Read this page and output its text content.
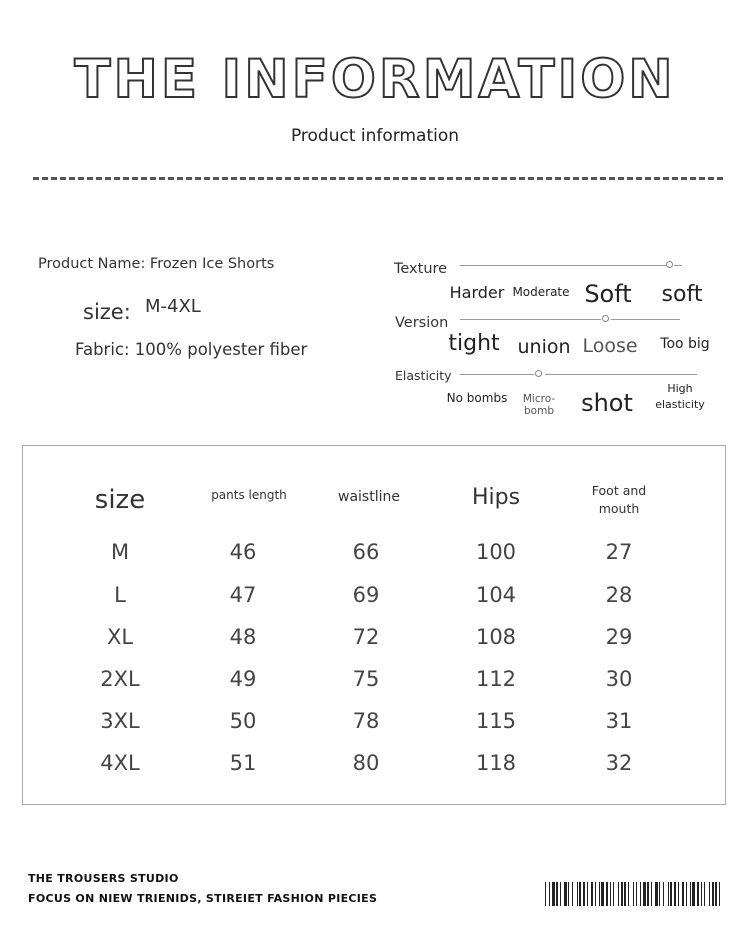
THE INFORMATION
Product information
Product Name: Frozen Ice Shorts
size: M-4XL
Fabric: 100% polyester fiber
Texture
Harder Moderate Soft	soft
Version
tight union Loose	Too big
Elasticity
No bombs	Micro-bomb	shot
High elasticity
size	pants length	waistline	Hips	Foot and mouth
M	46	66	100	27
L	47	69	104	28
XL	48	72	108	29
2XL	49	75	112	30
3XL	50	78	115	31
4XL	51	80	118	32
THE TROUSERS STUDIO
FOCUS ON NIEW TRIENIDS, STIREIET FASHION PIECIES
